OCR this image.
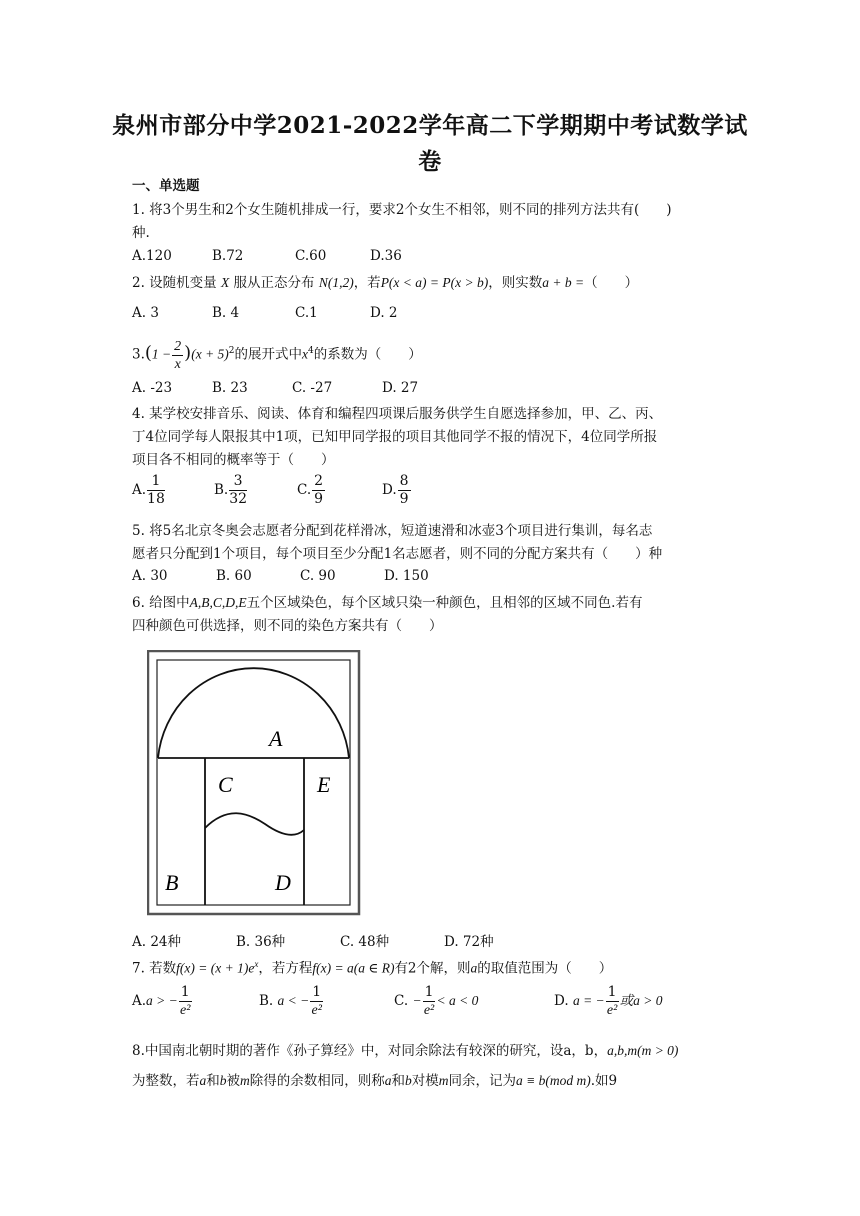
泉州市部分中学2021-2022学年高二下学期期中考试数学试
卷
一、单选题
1. 将3个男生和2个女生随机排成一行，要求2个女生不相邻，则不同的排列方法共有(　　)
种.
A.120	B.72	C.60	D.36
2. 设随机变量 X 服从正态分布 N(1,2)，若P(x < a) = P(x > b)，则实数a + b =（　　）
A. 3	B. 4	C.1	D. 2
$3.(1 - \frac{2}{x} )(x + 5)^2$的展开式中$x^4$的系数为（　　）
A. -23	B. 23	C. -27	D. 27
4. 某学校安排音乐、阅读、体育和编程四项课后服务供学生自愿选择参加，甲、乙、丙、
丁4位同学每人限报其中1项，已知甲同学报的项目其他同学不报的情况下，4位同学所报
项目各不相同的概率等于（　　）
A. $\frac{1}{18}$	B. $\frac{3}{32}$	C. $\frac{2}{9}$	D. $\frac{8}{9}$
5. 将5名北京冬奥会志愿者分配到花样滑冰，短道速滑和冰壶3个项目进行集训，每名志
愿者只分配到1个项目，每个项目至少分配1名志愿者，则不同的分配方案共有（　　）种
A. 30	B. 60	C. 90	D. 150
6. 给图中A,B,C,D,E五个区域染色，每个区域只染一种颜色，且相邻的区域不同色.若有
四种颜色可供选择，则不同的染色方案共有（　　）
A
B
C
D
E
A. 24种	B. 36种	C. 48种	D. 72种
7. 若数$f(x) = (x + 1)e^x$，若方程f(x) = a(a ∈ R)有2个解，则a的取值范围为（　　）
A.a > − $\frac{1}{\text{e²}}$	B. a < − $\frac{1}{\text{e²}}$	C. − $\frac{1}{\text{e²}} < a < 0$	D. a = − $\frac{1}{\text{e²}}$ 或a > 0
8.中国南北朝时期的著作《孙子算经》中，对同余除法有较深的研究，设a，b，a,b,m(m > 0)
为整数，若a和b被m除得的余数相同，则称a和b对模m同余，记为a ≡ b(mod m).如9
